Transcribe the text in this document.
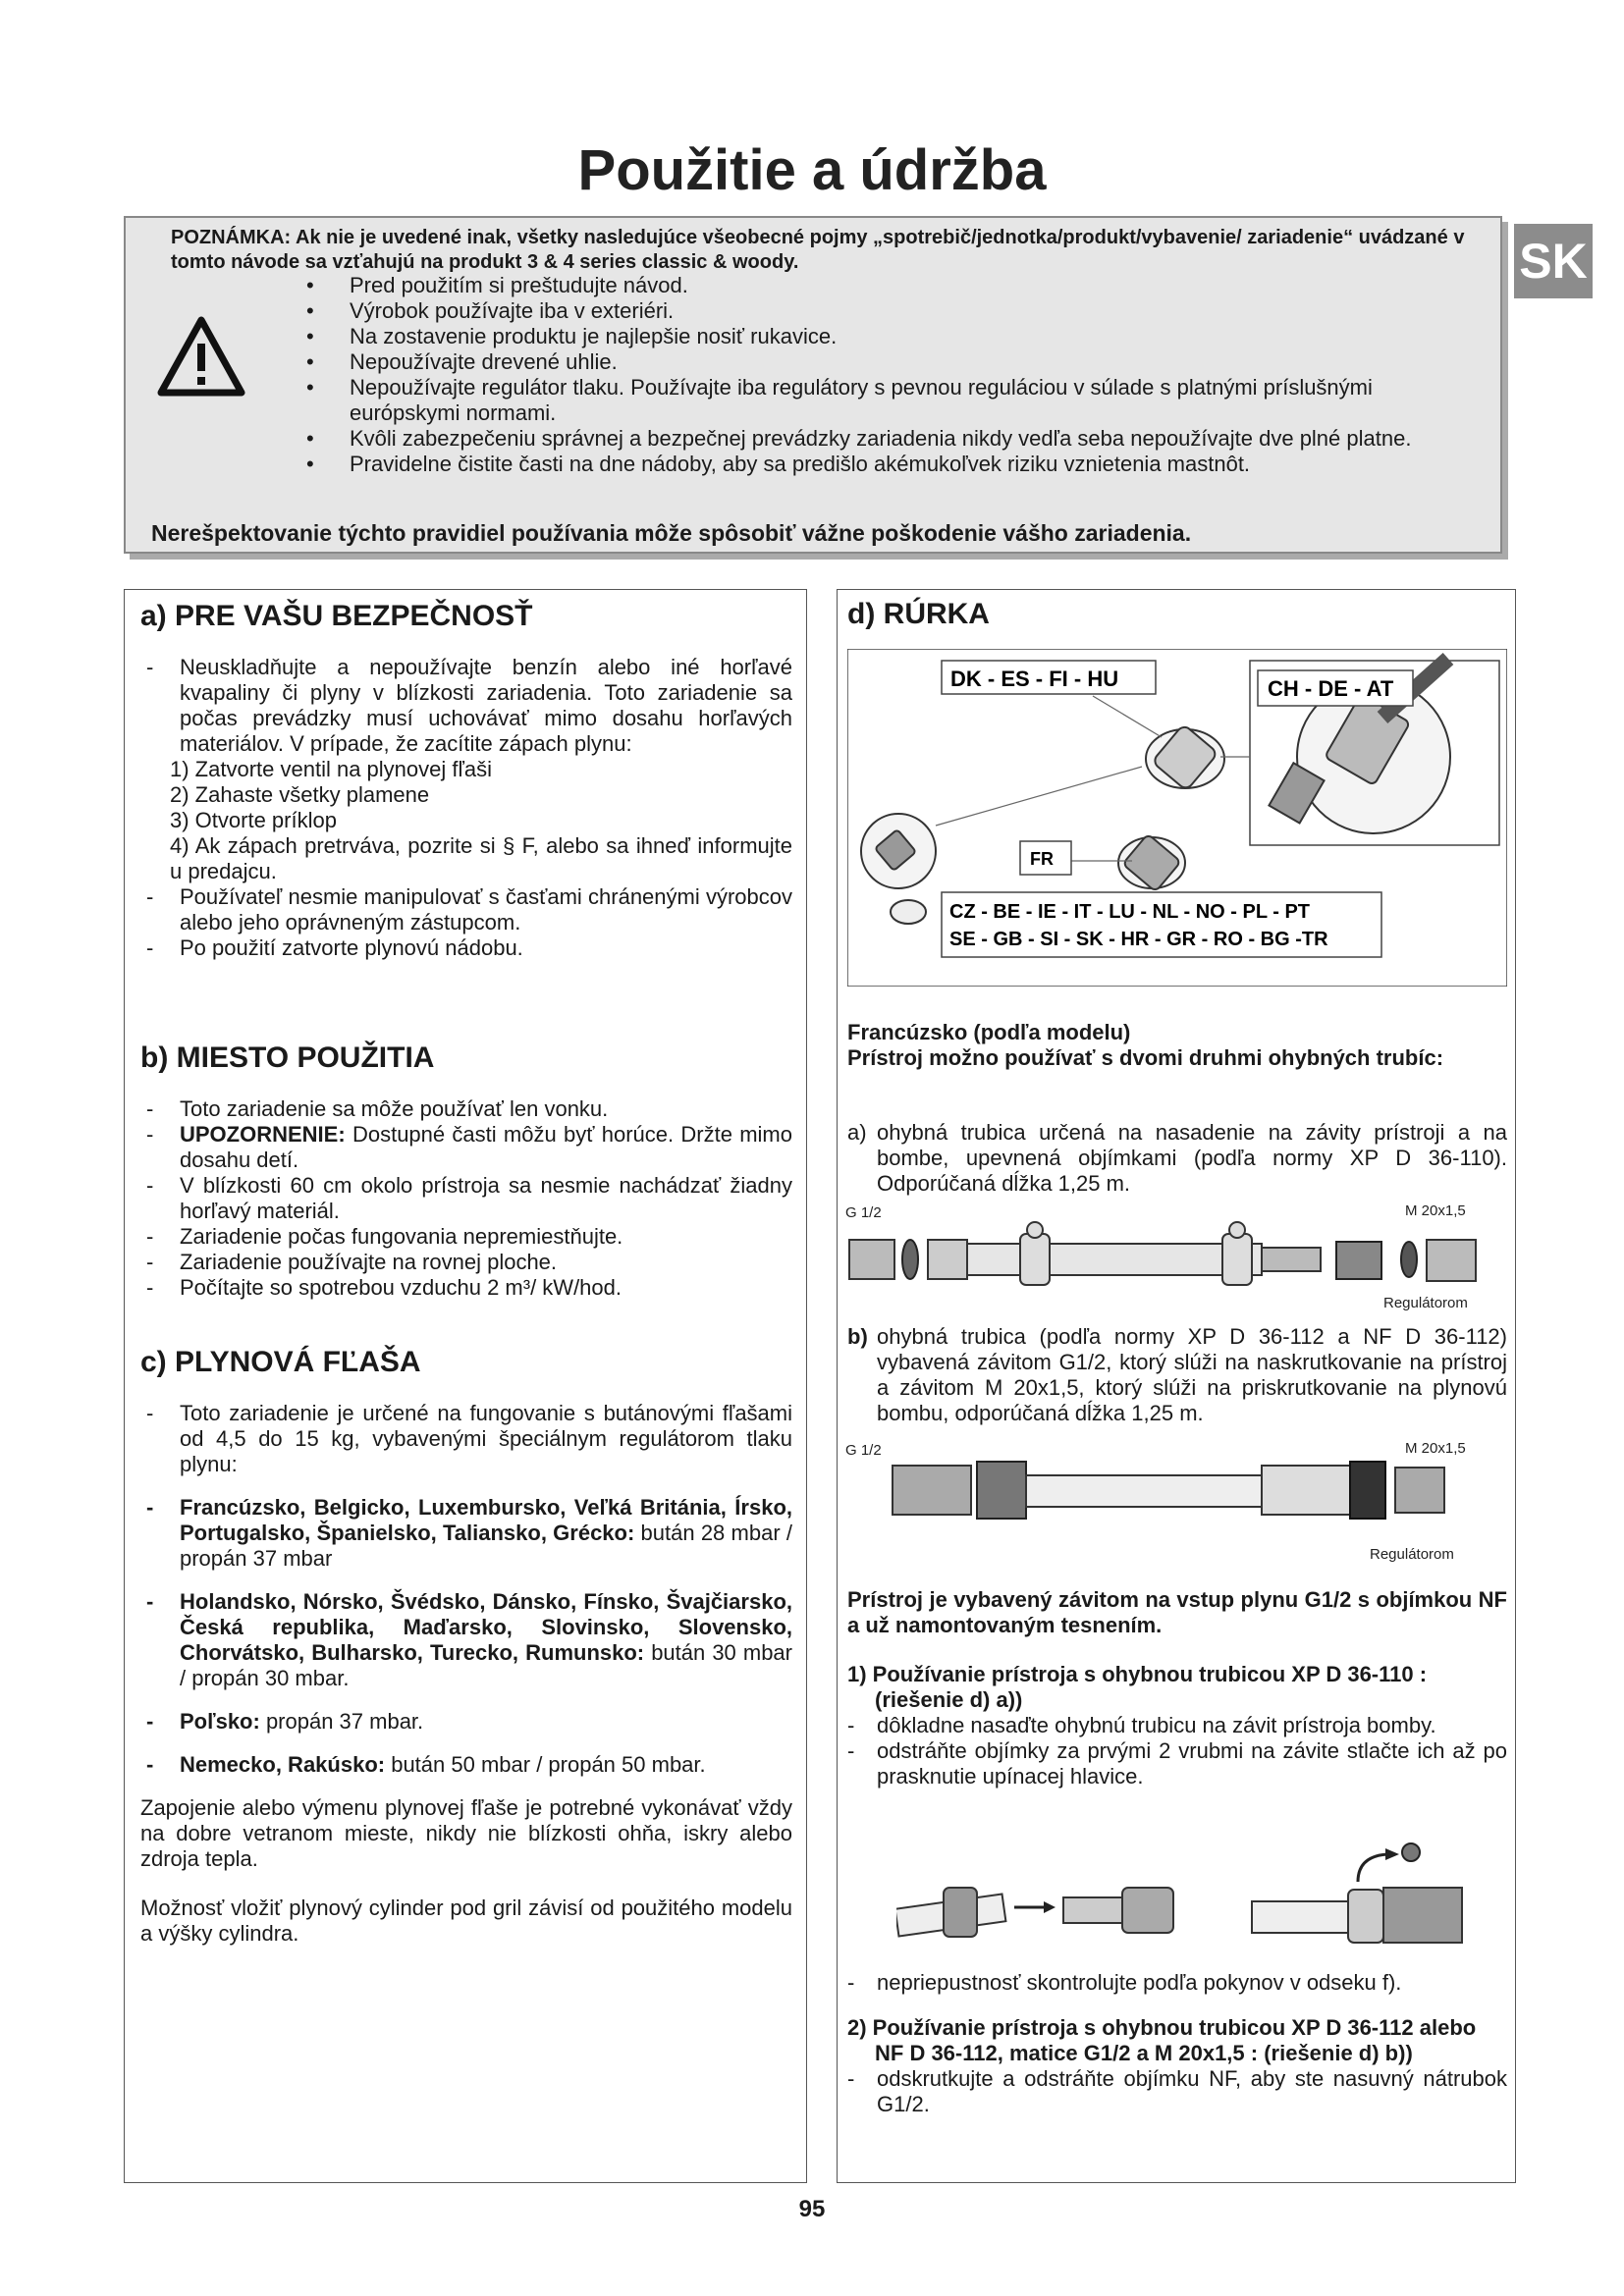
Použitie a údržba
SK
POZNÁMKA: Ak nie je uvedené inak, všetky nasledujúce všeobecné pojmy „spotrebič/jednotka/produkt/vybavenie/ zariadenie“ uvádzané v tomto návode sa vzťahujú na produkt 3 & 4 series classic & woody.
• Pred použitím si preštudujte návod.
• Výrobok používajte iba v exteriéri.
• Na zostavenie produktu je najlepšie nosiť rukavice.
• Nepoužívajte drevené uhlie.
• Nepoužívajte regulátor tlaku. Používajte iba regulátory s pevnou reguláciou v súlade s platnými príslušnými európskymi normami.
• Kvôli zabezpečeniu správnej a bezpečnej prevádzky zariadenia nikdy vedľa seba nepoužívajte dve plné platne.
• Pravidelne čistite časti na dne nádoby, aby sa predišlo akémukoľvek riziku vznietenia mastnôt.
Nerešpektovanie týchto pravidiel používania môže spôsobiť vážne poškodenie vášho zariadenia.
a) PRE VAŠU BEZPEČNOSŤ
- Neuskladňujte a nepoužívajte benzín alebo iné horľavé kvapaliny či plyny v blízkosti zariadenia. Toto zariadenie sa počas prevádzky musí uchovávať mimo dosahu horľavých materiálov. V prípade, že zacítite zápach plynu:
1) Zatvorte ventil na plynovej fľaši
2) Zahaste všetky plamene
3) Otvorte príklop
4) Ak zápach pretrváva, pozrite si § F, alebo sa ihneď informujte u predajcu.
- Používateľ nesmie manipulovať s časťami chránenými výrobcov alebo jeho oprávneným zástupcom.
- Po použití zatvorte plynovú nádobu.
b) MIESTO POUŽITIA
- Toto zariadenie sa môže používať len vonku.
- UPOZORNENIE: Dostupné časti môžu byť horúce. Držte mimo dosahu detí.
- V blízkosti 60 cm okolo prístroja sa nesmie nachádzať žiadny horľavý materiál.
- Zariadenie počas fungovania nepremiestňujte.
- Zariadenie používajte na rovnej ploche.
- Počítajte so spotrebou vzduchu 2 m³/ kW/hod.
c) PLYNOVÁ FĽAŠA
- Toto zariadenie je určené na fungovanie s butánovými fľašami od 4,5 do 15 kg, vybavenými špeciálnym regulátorom tlaku plynu:
- Francúzsko, Belgicko, Luxembursko, Veľká Británia, Írsko, Portugalsko, Španielsko, Taliansko, Grécko: bután 28 mbar / propán 37 mbar
- Holandsko, Nórsko, Švédsko, Dánsko, Fínsko, Švajčiarsko, Česká republika, Maďarsko, Slovinsko, Slovensko, Chorvátsko, Bulharsko, Turecko, Rumunsko: bután 30 mbar / propán 30 mbar.
- Poľsko: propán 37 mbar.
- Nemecko, Rakúsko: bután 50 mbar / propán 50 mbar.
Zapojenie alebo výmenu plynovej fľaše je potrebné vykonávať vždy na dobre vetranom mieste, nikdy nie blízkosti ohňa, iskry alebo zdroja tepla.
Možnosť vložiť plynový cylinder pod gril závisí od použitého modelu a výšky cylindra.
d) RÚRKA
DK - ES - FI - HU	CH - DE - AT
FR
CZ - BE - IE - IT - LU - NL - NO - PL - PT
SE - GB - SI - SK - HR - GR - RO - BG -TR
Francúzsko (podľa modelu)
Prístroj možno používať s dvomi druhmi ohybných trubíc:
a) ohybná trubica určená na nasadenie na závity prístroji a na bombe, upevnená objímkami (podľa normy XP D 36-110). Odporúčaná dĺžka 1,25 m.
G 1/2	M 20x1,5
Regulátorom
b) ohybná trubica (podľa normy XP D 36-112 a NF D 36-112) vybavená závitom G1/2, ktorý slúži na naskrutkovanie na prístroj a závitom M 20x1,5, ktorý slúži na priskrutkovanie na plynovú bombu, odporúčaná dĺžka 1,25 m.
G 1/2	M 20x1,5
Regulátorom
Prístroj je vybavený závitom na vstup plynu G1/2 s objímkou NF a už namontovaným tesnením.
1) Používanie prístroja s ohybnou trubicou XP D 36-110 : (riešenie d) a))
- dôkladne nasaďte ohybnú trubicu na závit prístroja bomby.
- odstráňte objímky za prvými 2 vrubmi na závite stlačte ich až po prasknutie upínacej hlavice.
- nepriepustnosť skontrolujte podľa pokynov v odseku f).
2) Používanie prístroja s ohybnou trubicou XP D 36-112 alebo NF D 36-112, matice G1/2 a M 20x1,5 : (riešenie d) b))
- odskrutkujte a odstráňte objímku NF, aby ste nasuvný nátrubok G1/2.
95
